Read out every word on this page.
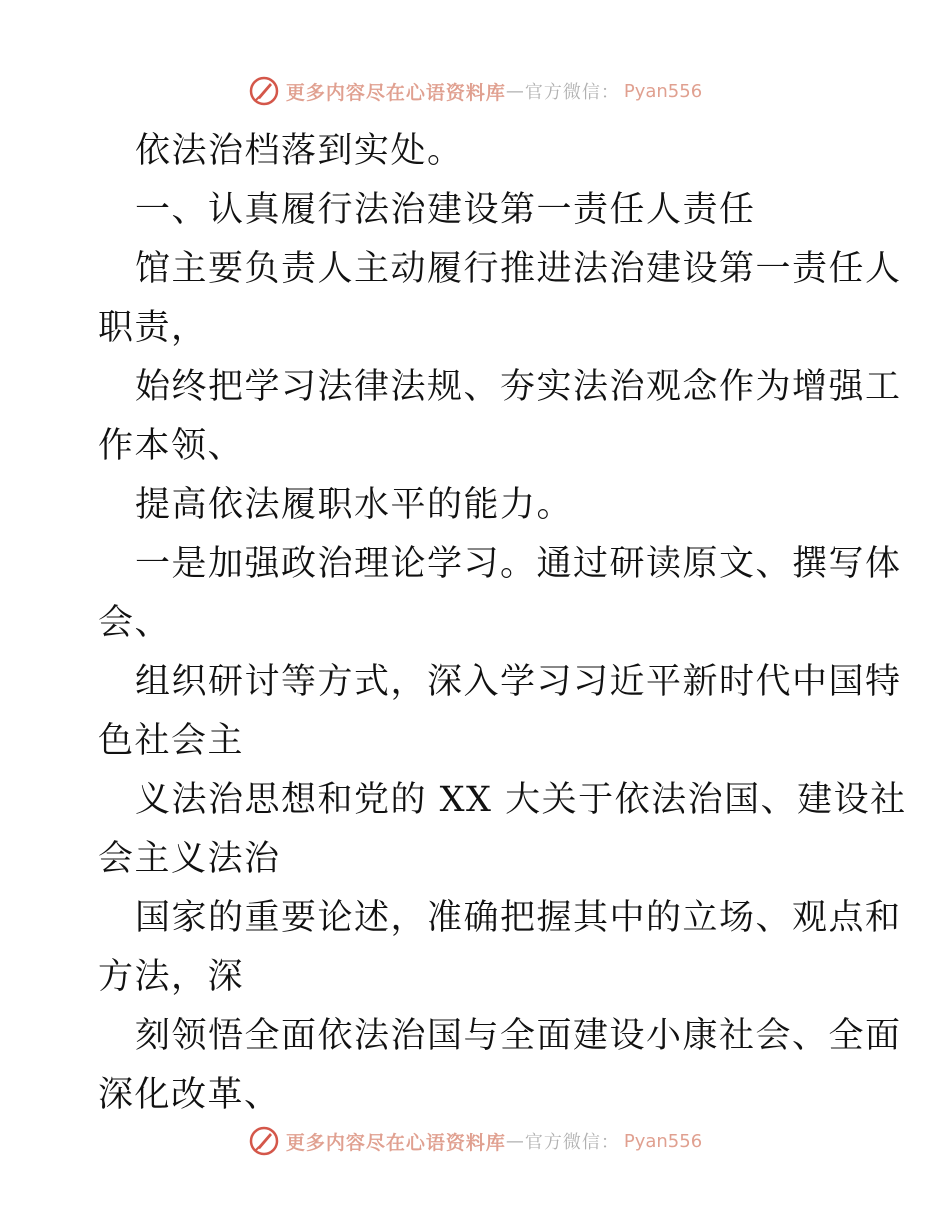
更多内容尽在心语资料库 — 官方微信： Pyan556
依法治档落到实处。
一、认真履行法治建设第一责任人责任
馆主要负责人主动履行推进法治建设第一责任人
职责，
始终把学习法律法规、夯实法治观念作为增强工
作本领、
提高依法履职水平的能力。
一是加强政治理论学习。通过研读原文、撰写体
会、
组织研讨等方式，深入学习习近平新时代中国特
色社会主
义法治思想和党的 XX 大关于依法治国、建设社
会主义法治
国家的重要论述，准确把握其中的立场、观点和
方法，深
刻领悟全面依法治国与全面建设小康社会、全面
深化改革、
更多内容尽在心语资料库 — 官方微信： Pyan556
